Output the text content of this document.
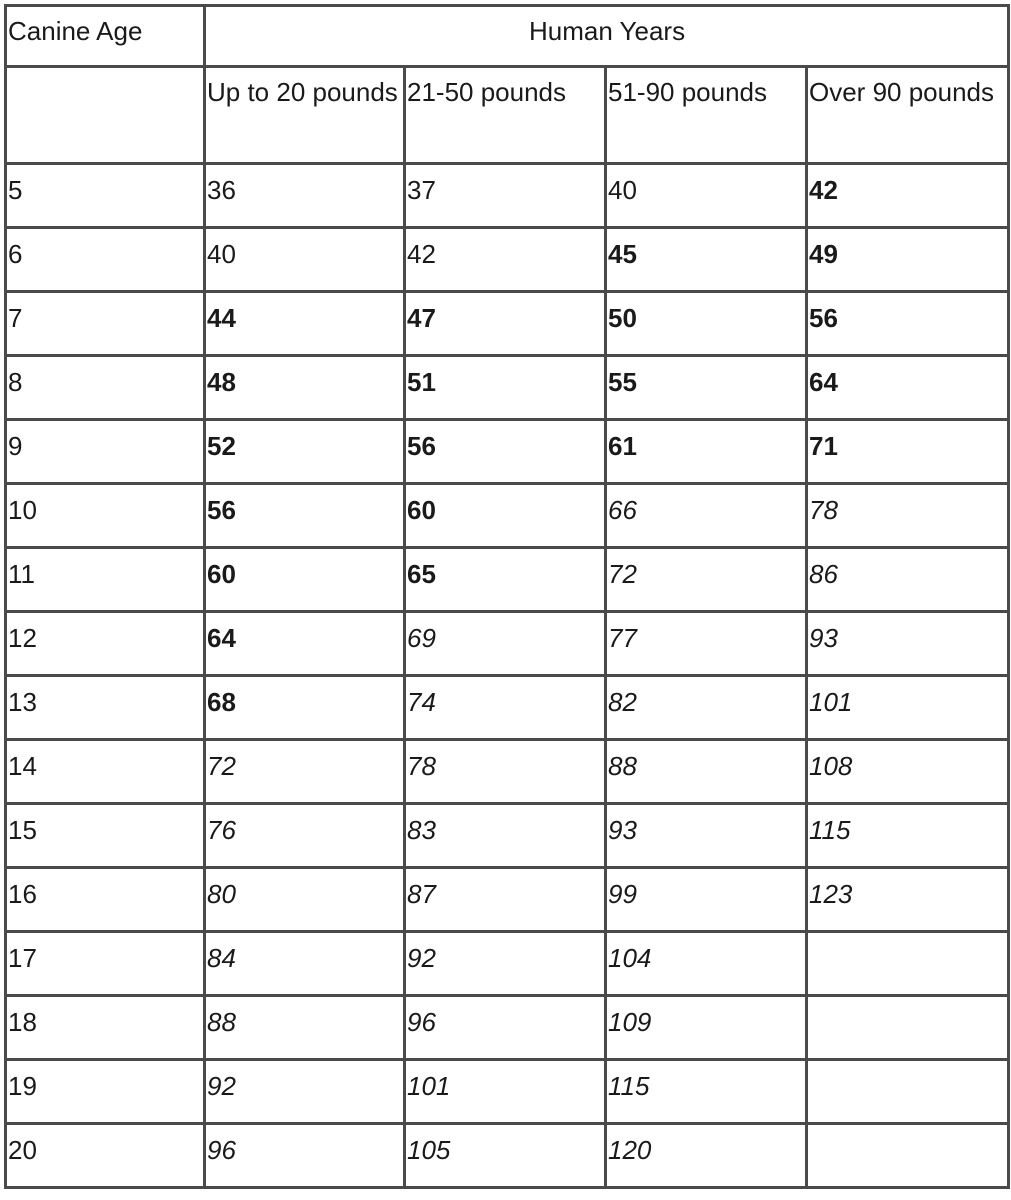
Canine Age	Human Years			
	Up to 20 pounds	21-50 pounds	51-90 pounds	Over 90 pounds
5	36	37	40	42
6	40	42	45	49
7	44	47	50	56
8	48	51	55	64
9	52	56	61	71
10	56	60	66	78
11	60	65	72	86
12	64	69	77	93
13	68	74	82	101
14	72	78	88	108
15	76	83	93	115
16	80	87	99	123
17	84	92	104	
18	88	96	109	
19	92	101	115	
20	96	105	120	
